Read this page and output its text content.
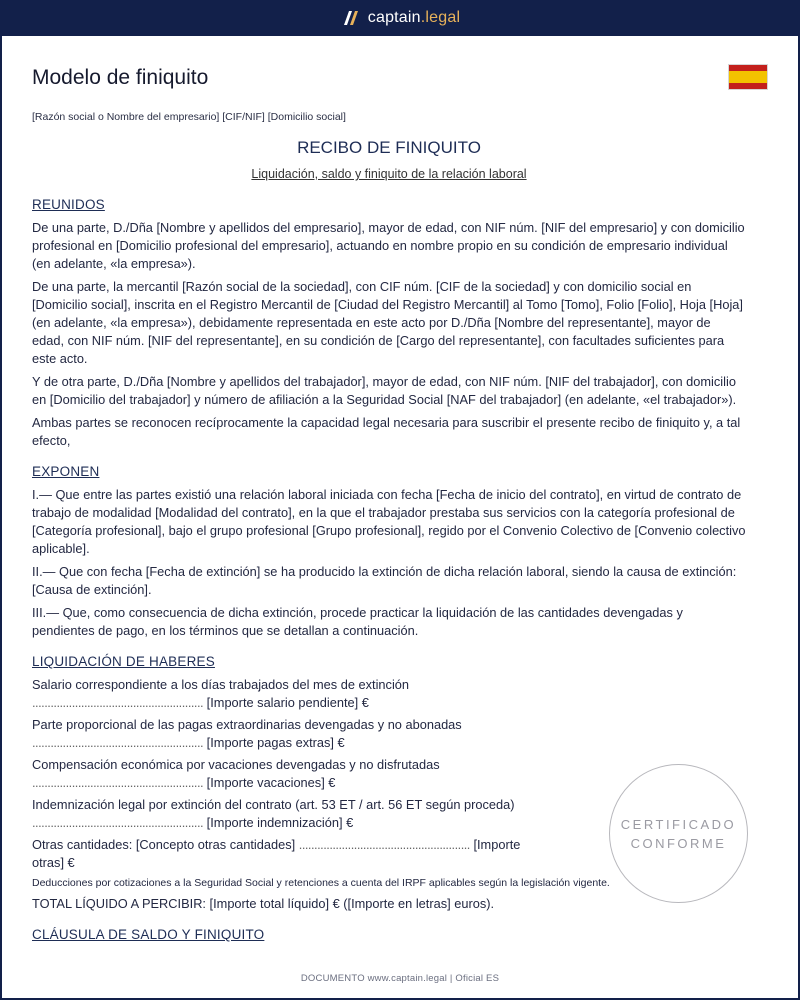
captain .legal
Modelo de finiquito
[Razón social o Nombre del empresario] [CIF/NIF] [Domicilio social]
RECIBO DE FINIQUITO
Liquidación, saldo y finiquito de la relación laboral
REUNIDOS

De una parte, D./Dña [Nombre y apellidos del empresario], mayor de edad, con NIF núm. [NIF del empresario] y con domicilio profesional en [Domicilio profesional del empresario], actuando en nombre propio en su condición de empresario individual (en adelante, «la empresa»).

De una parte, la mercantil [Razón social de la sociedad], con CIF núm. [CIF de la sociedad] y con domicilio social en [Domicilio social], inscrita en el Registro Mercantil de [Ciudad del Registro Mercantil] al Tomo [Tomo], Folio [Folio], Hoja [Hoja] (en adelante, «la empresa»), debidamente representada en este acto por D./Dña [Nombre del representante], mayor de edad, con NIF núm. [NIF del representante], en su condición de [Cargo del representante], con facultades suficientes para este acto.

Y de otra parte, D./Dña [Nombre y apellidos del trabajador], mayor de edad, con NIF núm. [NIF del trabajador], con domicilio en [Domicilio del trabajador] y número de afiliación a la Seguridad Social [NAF del trabajador] (en adelante, «el trabajador»).

Ambas partes se reconocen recíprocamente la capacidad legal necesaria para suscribir el presente recibo de finiquito y, a tal efecto,

EXPONEN

I.— Que entre las partes existió una relación laboral iniciada con fecha [Fecha de inicio del contrato], en virtud de contrato de trabajo de modalidad [Modalidad del contrato], en la que el trabajador prestaba sus servicios con la categoría profesional de [Categoría profesional], bajo el grupo profesional [Grupo profesional], regido por el Convenio Colectivo de [Convenio colectivo aplicable].

II.— Que con fecha [Fecha de extinción] se ha producido la extinción de dicha relación laboral, siendo la causa de extinción: [Causa de extinción].

III.— Que, como consecuencia de dicha extinción, procede practicar la liquidación de las cantidades devengadas y pendientes de pago, en los términos que se detallan a continuación.

LIQUIDACIÓN DE HABERES
Salario correspondiente a los días trabajados del mes de extinción
........................................................ [Importe salario pendiente] €
Parte proporcional de las pagas extraordinarias devengadas y no abonadas
........................................................ [Importe pagas extras] €
Compensación económica por vacaciones devengadas y no disfrutadas
........................................................ [Importe vacaciones] €
Indemnización legal por extinción del contrato (art. 53 ET / art. 56 ET según proceda)
........................................................ [Importe indemnización] €
Otras cantidades: [Concepto otras cantidades] ........................................................ [Importe otras] €
Deducciones por cotizaciones a la Seguridad Social y retenciones a cuenta del IRPF aplicables según la legislación vigente.
TOTAL LÍQUIDO A PERCIBIR: [Importe total líquido] € ([Importe en letras] euros).
CLÁUSULA DE SALDO Y FINIQUITO
DOCUMENTO www.captain.legal | Oficial ES
CERTIFICADO
CONFORME
